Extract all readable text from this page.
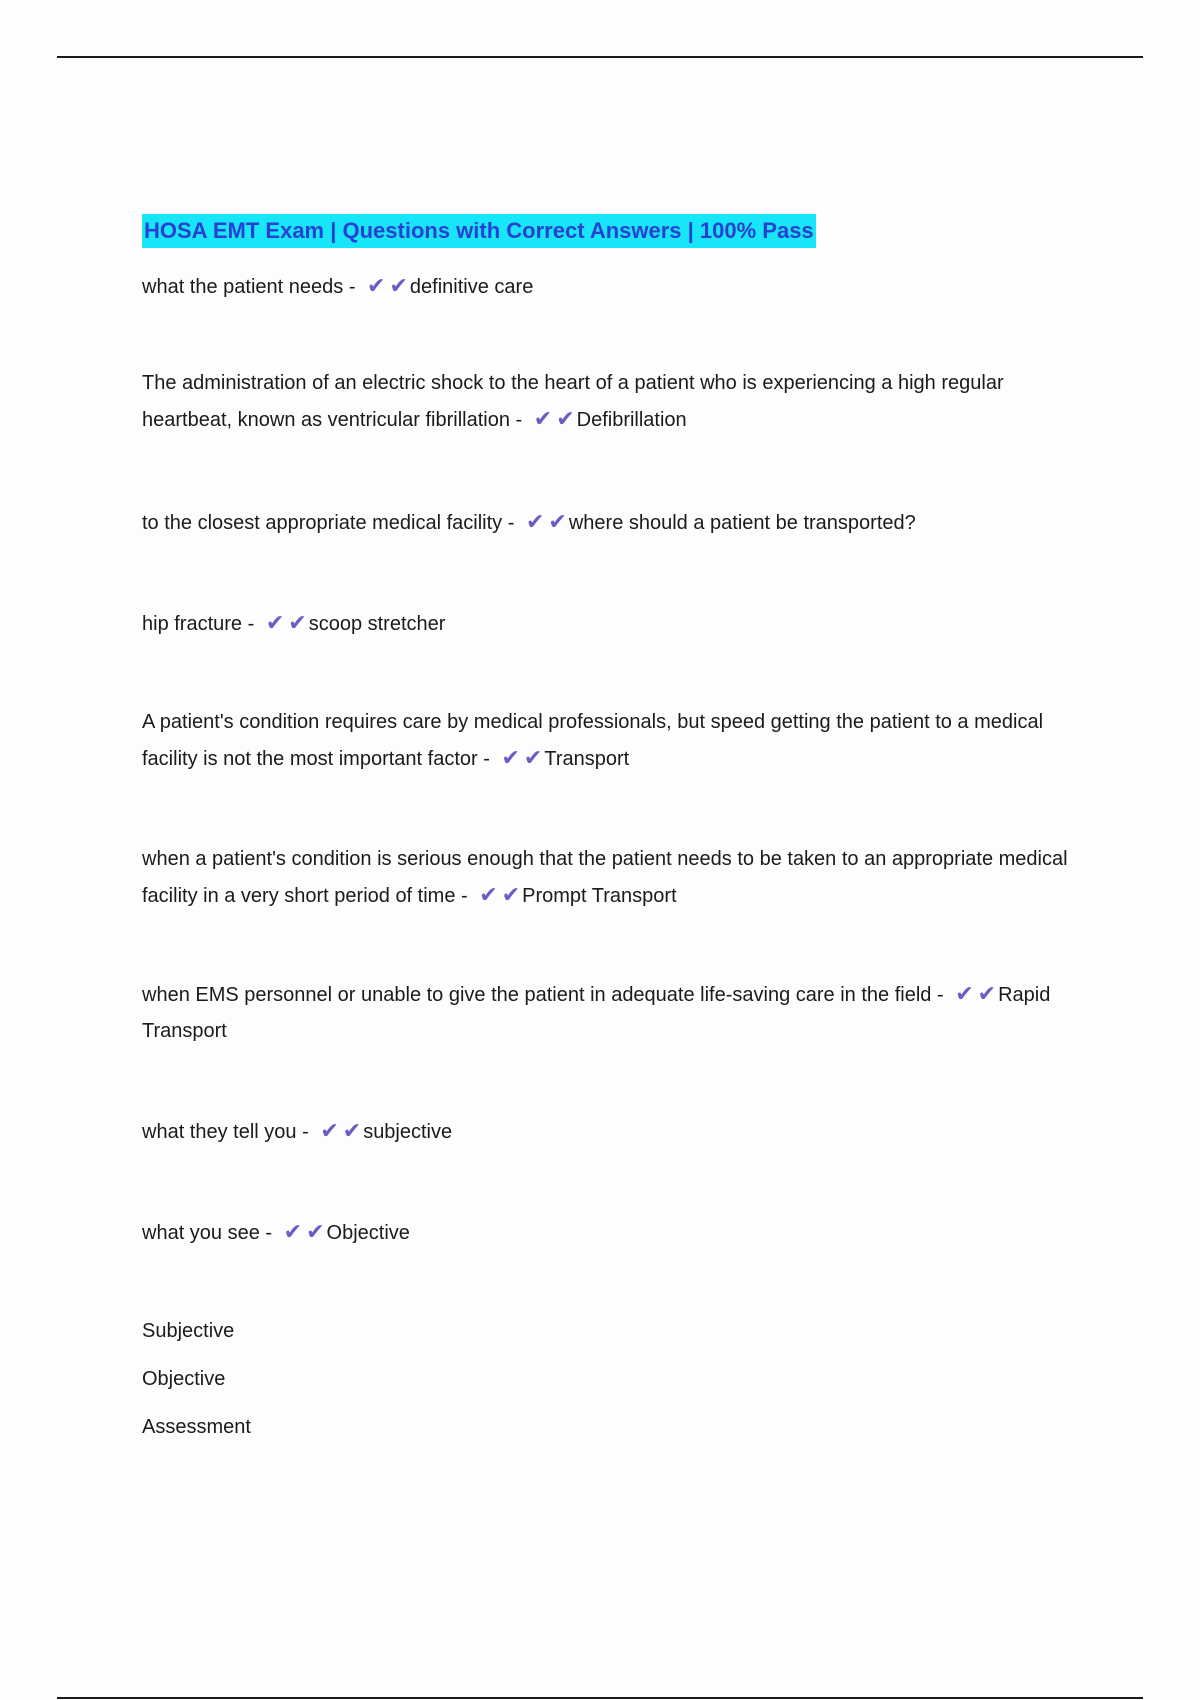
HOSA EMT Exam | Questions with Correct Answers | 100% Pass

what the patient needs - ✔ ✔ definitive care

The administration of an electric shock to the heart of a patient who is experiencing a high regular heartbeat, known as ventricular fibrillation - ✔ ✔ Defibrillation

to the closest appropriate medical facility - ✔ ✔ where should a patient be transported?

hip fracture - ✔ ✔ scoop stretcher

A patient's condition requires care by medical professionals, but speed getting the patient to a medical facility is not the most important factor - ✔ ✔ Transport

when a patient's condition is serious enough that the patient needs to be taken to an appropriate medical facility in a very short period of time - ✔ ✔ Prompt Transport

when EMS personnel or unable to give the patient in adequate life-saving care in the field - ✔ ✔ Rapid Transport

what they tell you - ✔ ✔ subjective

what you see - ✔ ✔ Objective

Subjective

Objective

Assessment
